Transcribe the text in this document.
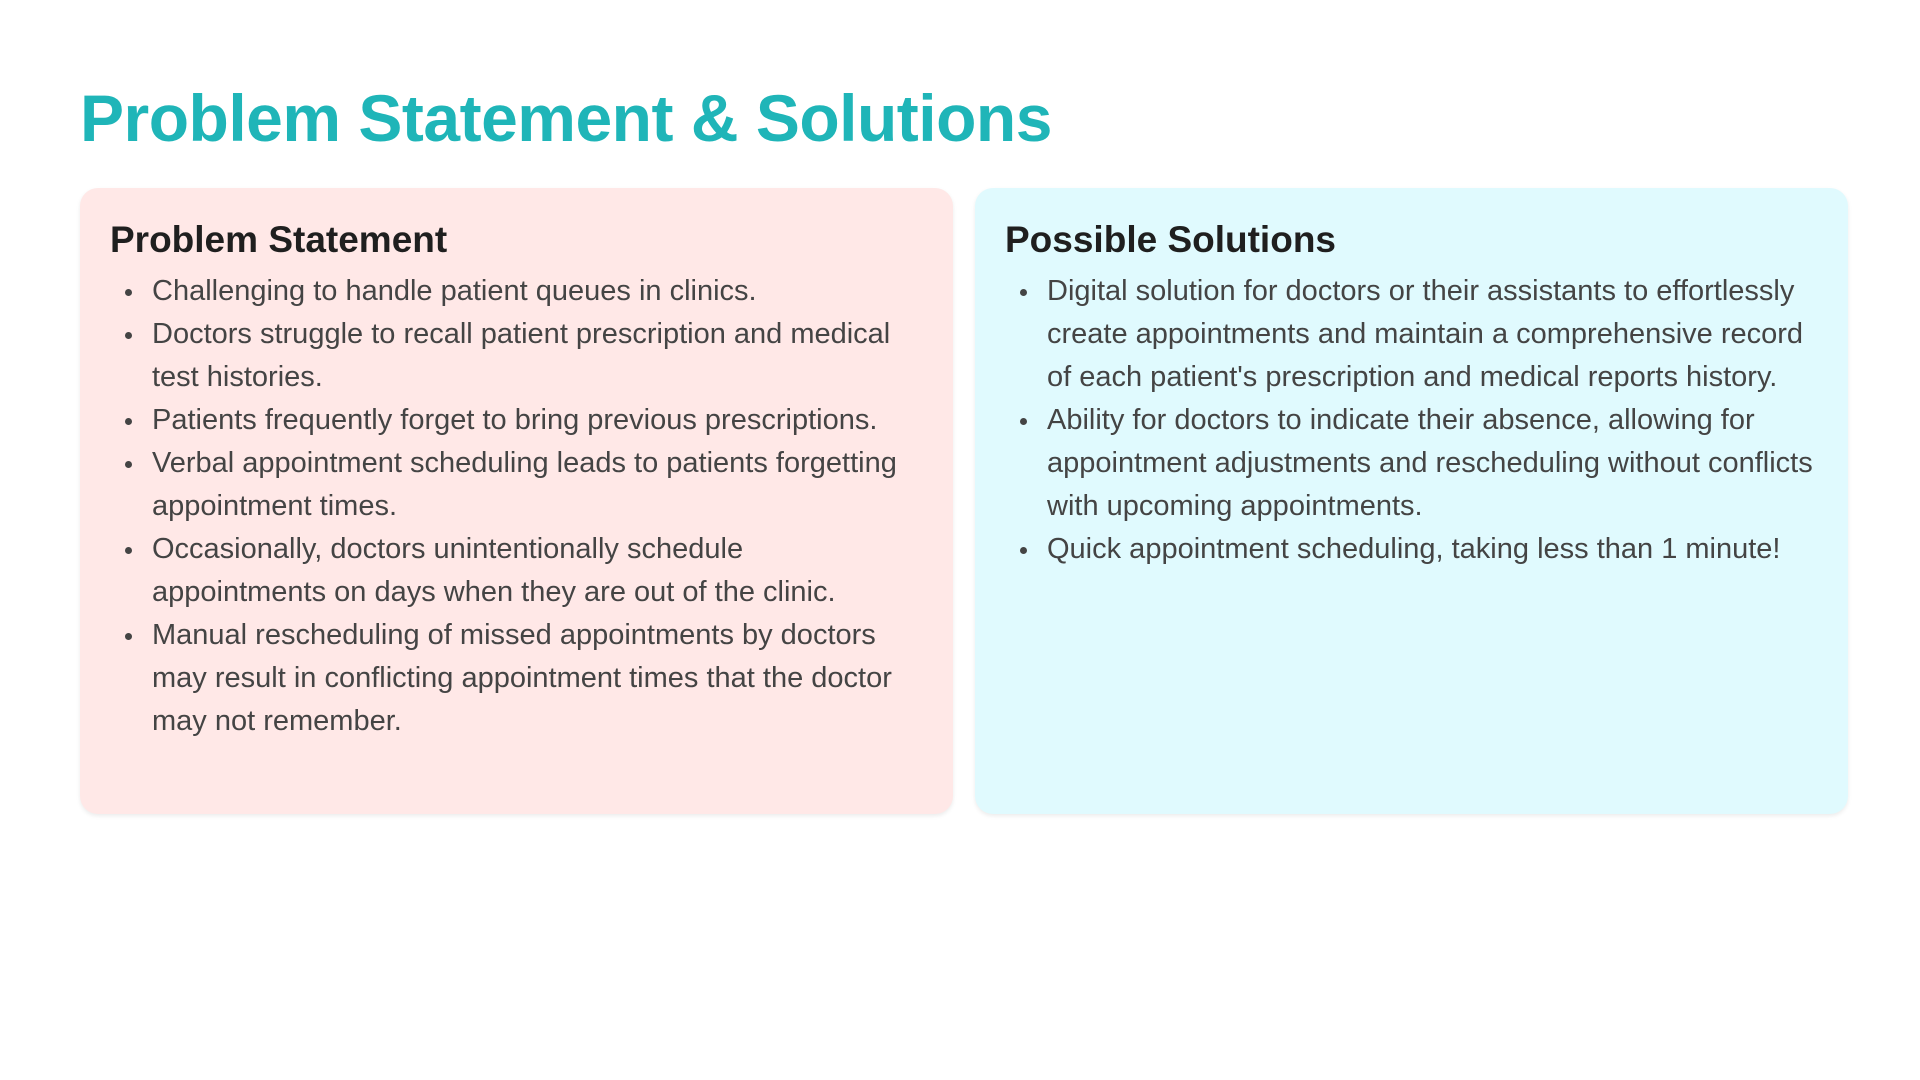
Problem Statement & Solutions
Problem Statement
Challenging to handle patient queues in clinics.
Doctors struggle to recall patient prescription and medical test histories.
Patients frequently forget to bring previous prescriptions.
Verbal appointment scheduling leads to patients forgetting appointment times.
Occasionally, doctors unintentionally schedule appointments on days when they are out of the clinic.
Manual rescheduling of missed appointments by doctors may result in conflicting appointment times that the doctor may not remember.
Possible Solutions
Digital solution for doctors or their assistants to effortlessly create appointments and maintain a comprehensive record of each patient's prescription and medical reports history.
Ability for doctors to indicate their absence, allowing for appointment adjustments and rescheduling without conflicts with upcoming appointments.
Quick appointment scheduling, taking less than 1 minute!
